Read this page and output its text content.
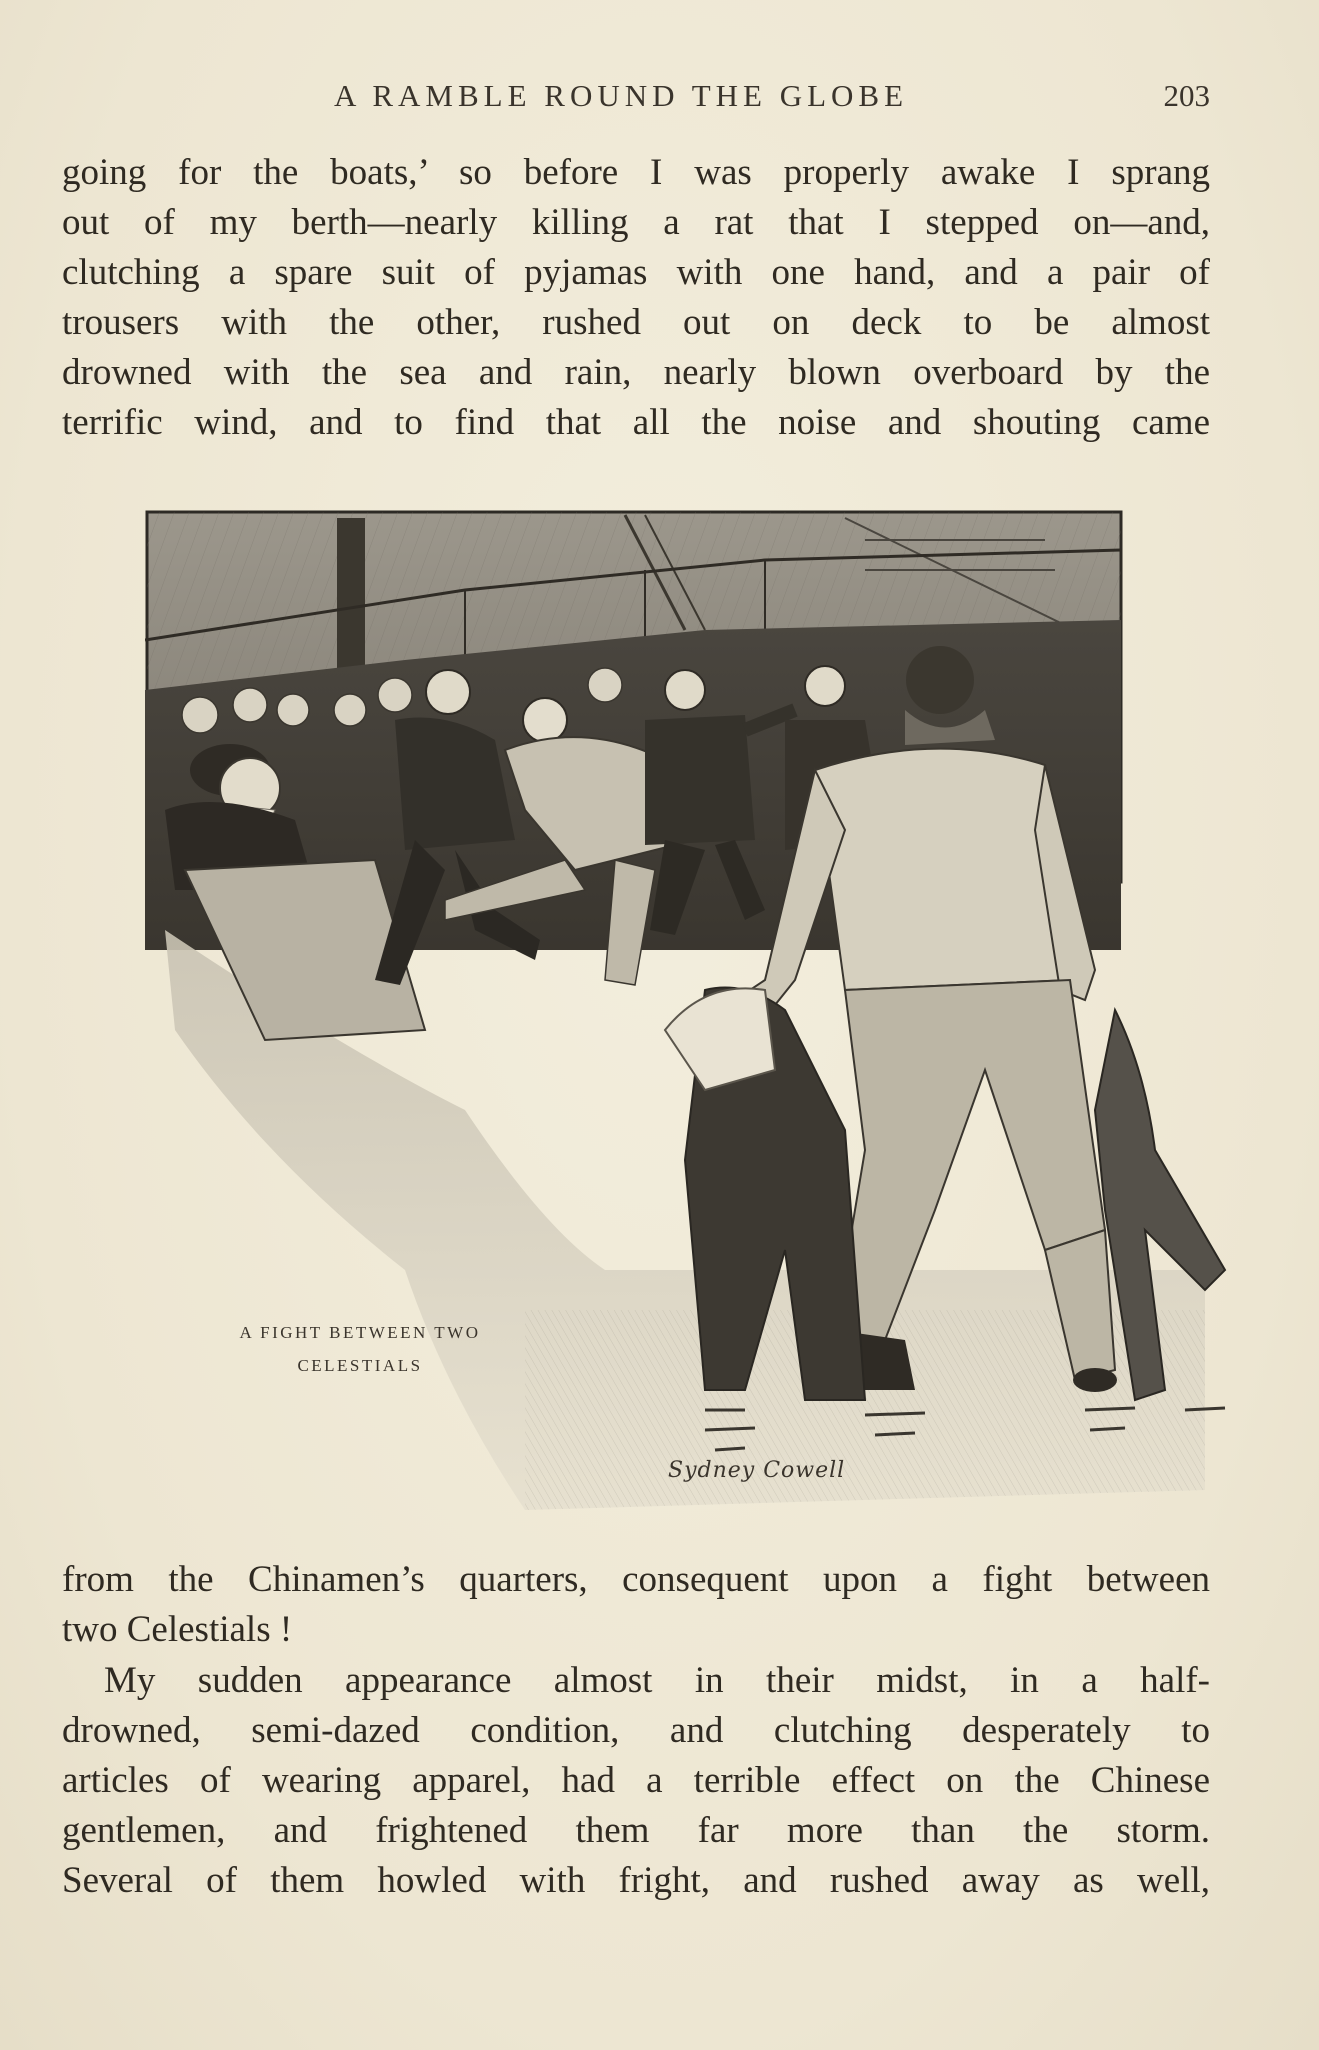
A RAMBLE ROUND THE GLOBE	203
going for the boats,’ so before I was properly awake I sprang
out of my berth—nearly killing a rat that I stepped on—and,
clutching a spare suit of pyjamas with one hand, and a pair of
trousers with the other, rushed out on deck to be almost
drowned with the sea and rain, nearly blown overboard by the
terrific wind, and to find that all the noise and shouting came
A FIGHT BETWEEN TWO
CELESTIALS
Sydney Cowell
from the Chinamen’s quarters, consequent upon a fight between
two Celestials !
My sudden appearance almost in their midst, in a half-
drowned, semi-dazed condition, and clutching desperately to
articles of wearing apparel, had a terrible effect on the Chinese
gentlemen, and frightened them far more than the storm.
Several of them howled with fright, and rushed away as well,
